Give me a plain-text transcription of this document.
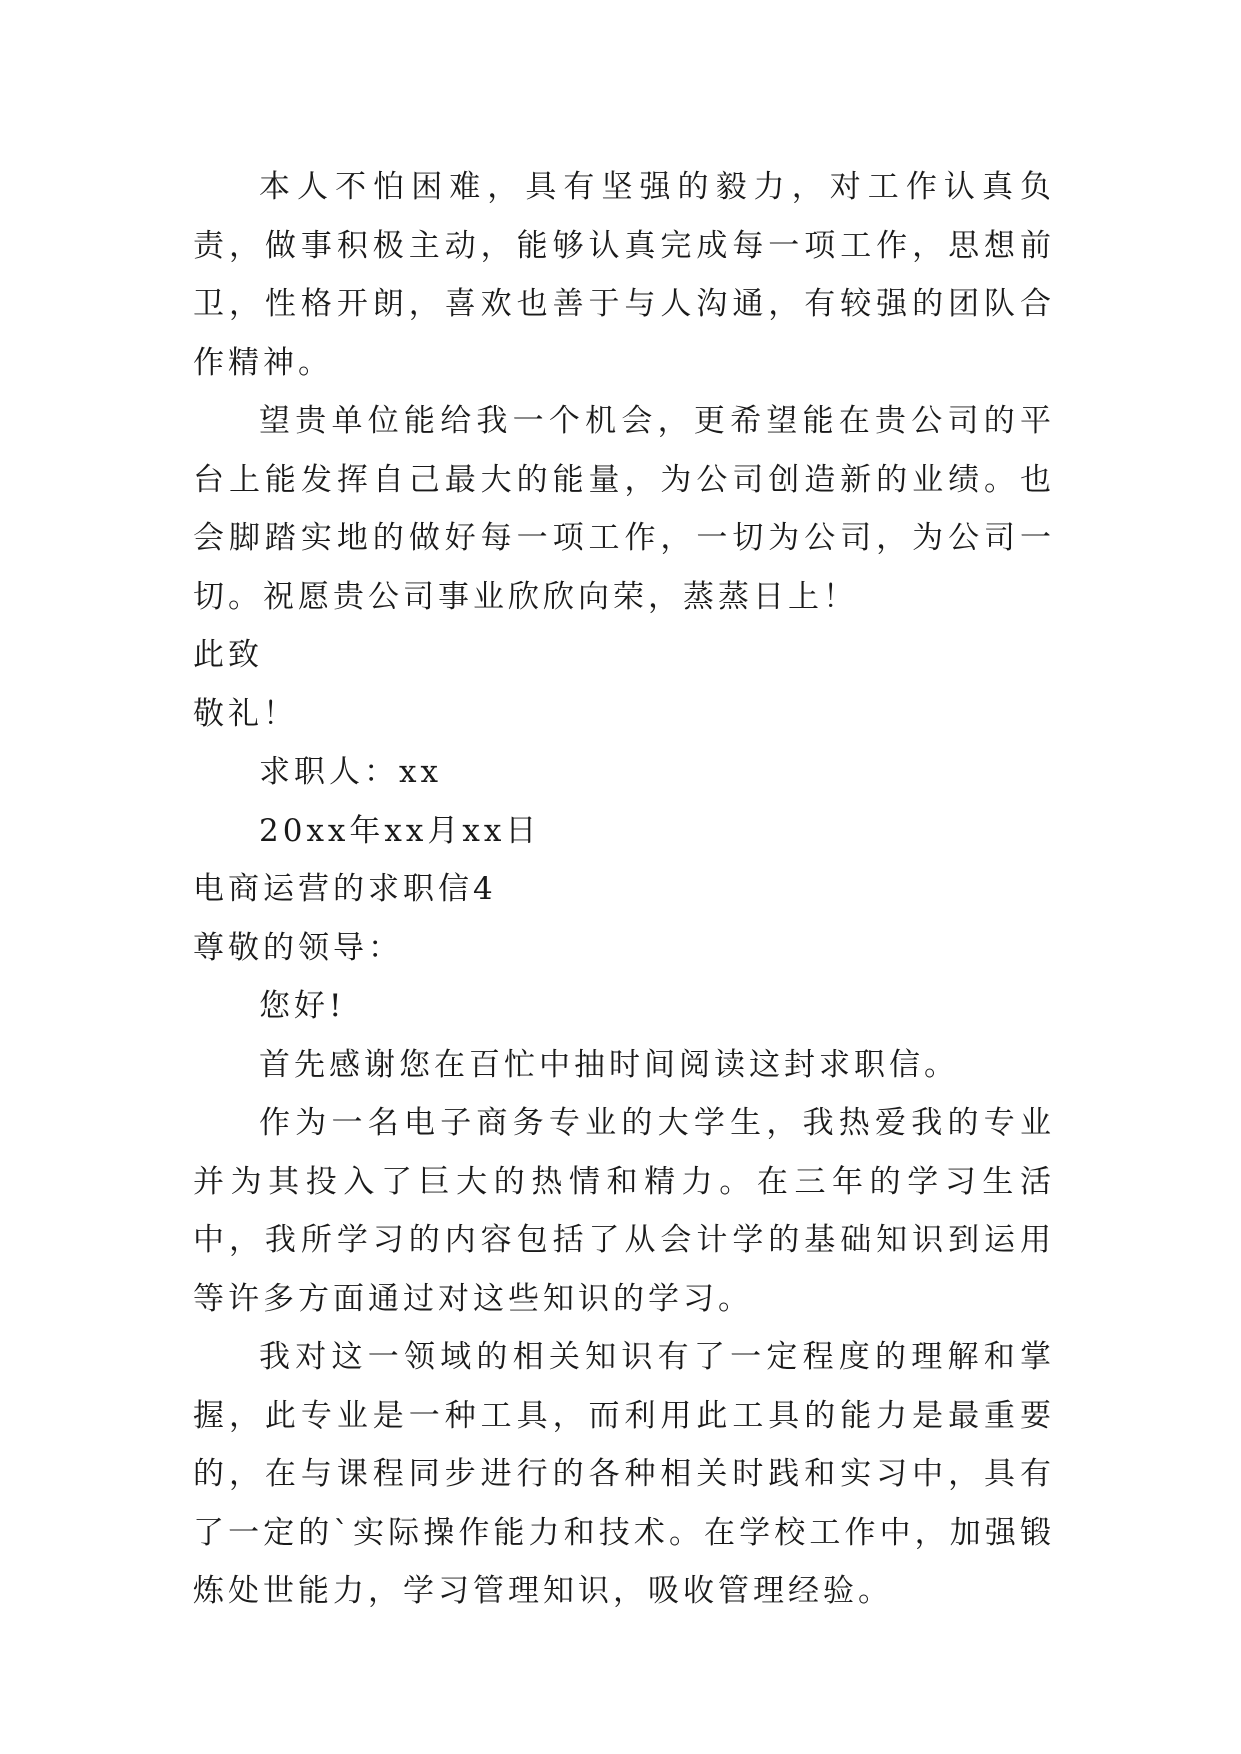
本人不怕困难，具有坚强的毅力，对工作认真负责，做事积极主动，能够认真完成每一项工作，思想前卫，性格开朗，喜欢也善于与人沟通，有较强的团队合作精神。

望贵单位能给我一个机会，更希望能在贵公司的平台上能发挥自己最大的能量，为公司创造新的业绩。也会脚踏实地的做好每一项工作，一切为公司，为公司一切。祝愿贵公司事业欣欣向荣，蒸蒸日上！

此致

敬礼！

求职人：xx

20xx年xx月xx日

电商运营的求职信4

尊敬的领导：

您好!

首先感谢您在百忙中抽时间阅读这封求职信。

作为一名电子商务专业的大学生，我热爱我的专业并为其投入了巨大的热情和精力。在三年的学习生活中，我所学习的内容包括了从会计学的基础知识到运用等许多方面通过对这些知识的学习。

我对这一领域的相关知识有了一定程度的理解和掌握，此专业是一种工具，而利用此工具的能力是最重要的，在与课程同步进行的各种相关时践和实习中，具有了一定的`实际操作能力和技术。在学校工作中，加强锻炼处世能力，学习管理知识，吸收管理经验。
